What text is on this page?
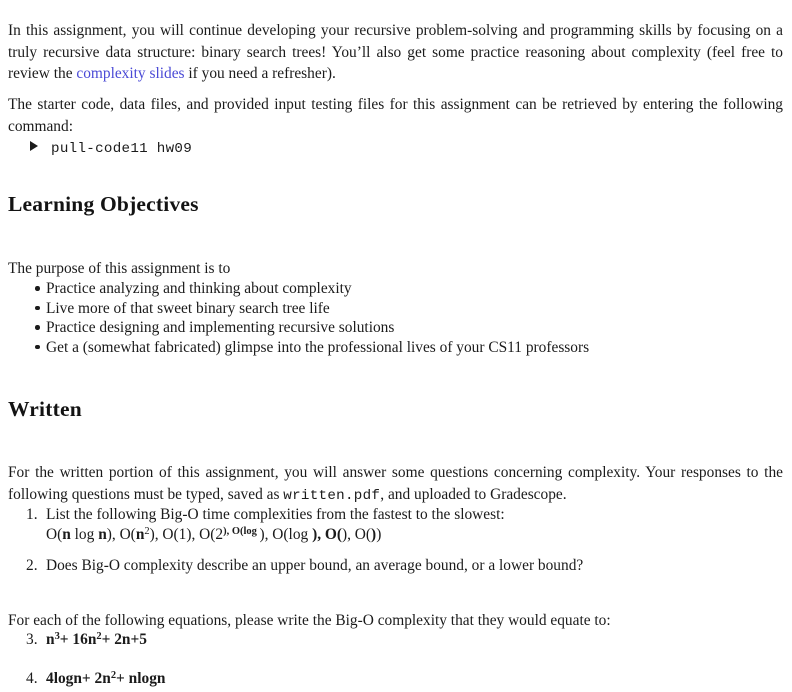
In this assignment, you will continue developing your recursive problem-solving and programming skills by focusing on a truly recursive data structure: binary search trees! You’ll also get some practice reasoning about complexity (feel free to review the complexity slides if you need a refresher).

The starter code, data files, and provided input testing files for this assignment can be retrieved by entering the following command:

pull-code11 hw09
Learning Objectives

The purpose of this assignment is to

Practice analyzing and thinking about complexity
Live more of that sweet binary search tree life
Practice designing and implementing recursive solutions
Get a (somewhat fabricated) glimpse into the professional lives of your CS11 professors
Written

For the written portion of this assignment, you will answer some questions concerning complexity. Your responses to the following questions must be typed, saved as written.pdf, and uploaded to Gradescope.

1. List the following Big-O time complexities from the fastest to the slowest:
O(n log n), $O(n^2)$, O(1), $O(2^{), O(log}$ ), O(log ), O(), O())
2. Does Big-O complexity describe an upper bound, an average bound, or a lower bound?

For each of the following equations, please write the Big-O complexity that they would equate to:

3. $n^3+ 16n^2+ 2n+5$
4. $4\log n+ 2n^2+ nlogn$
